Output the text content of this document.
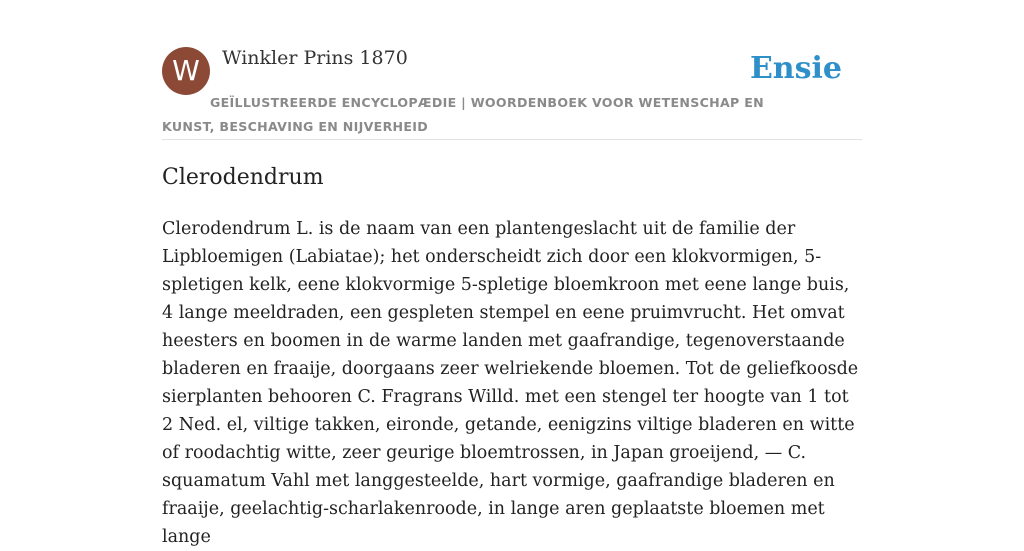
W	Winkler Prins 1870
GEÏLLUSTREERDE ENCYCLOPÆDIE | WOORDENBOEK VOOR WETENSCHAP EN KUNST, BESCHAVING EN NIJVERHEID
Ensie
Clerodendrum

Clerodendrum L. is de naam van een plantengeslacht uit de familie der Lipbloemigen (Labiatae); het onderscheidt zich door een klokvormigen, 5-spletigen kelk, eene klokvormige 5-spletige bloemkroon met eene lange buis, 4 lange meeldraden, een gespleten stempel en eene pruimvrucht. Het omvat heesters en boomen in de warme landen met gaafrandige, tegenoverstaande bladeren en fraaije, doorgaans zeer welriekende bloemen. Tot de geliefkoosde sierplanten behooren C. Fragrans Willd. met een stengel ter hoogte van 1 tot 2 Ned. el, viltige takken, eironde, getande, eenigzins viltige bladeren en witte of roodachtig witte, zeer geurige bloemtrossen, in Japan groeijend, — C. squamatum Vahl met langgesteelde, hart vormige, gaafrandige bladeren en fraaije, geelachtig-scharlakenroode, in lange aren geplaatste bloemen met lange
